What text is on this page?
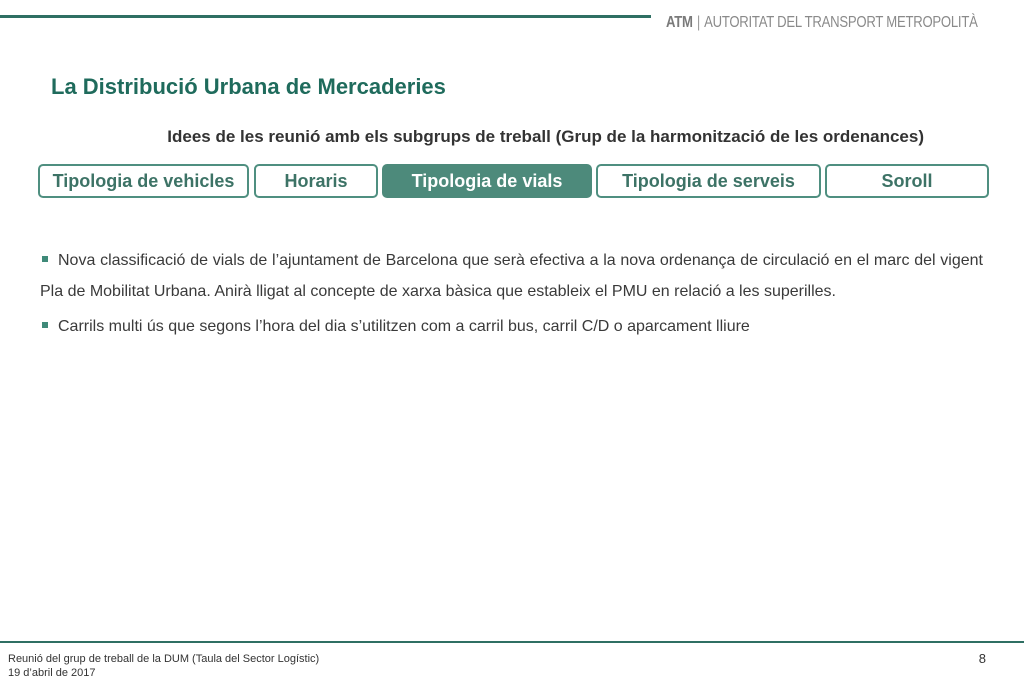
ATM | AUTORITAT DEL TRANSPORT METROPOLITÀ
La Distribució Urbana de Mercaderies
Idees de les reunió amb els subgrups de treball (Grup de la harmonització de les ordenances)
Tipologia de vehicles	Horaris	Tipologia de vials	Tipologia de serveis	Soroll

Nova classificació de vials de l’ajuntament de Barcelona que serà efectiva a la nova ordenança de circulació en el marc del vigent Pla de Mobilitat Urbana. Anirà lligat al concepte de xarxa bàsica que estableix el PMU en relació a les superilles.

Carrils multi ús que segons l’hora del dia s’utilitzen com a carril bus, carril C/D o aparcament lliure

Reunió del grup de treball de la DUM (Taula del Sector Logístic)
19 d’abril de 2017
8
